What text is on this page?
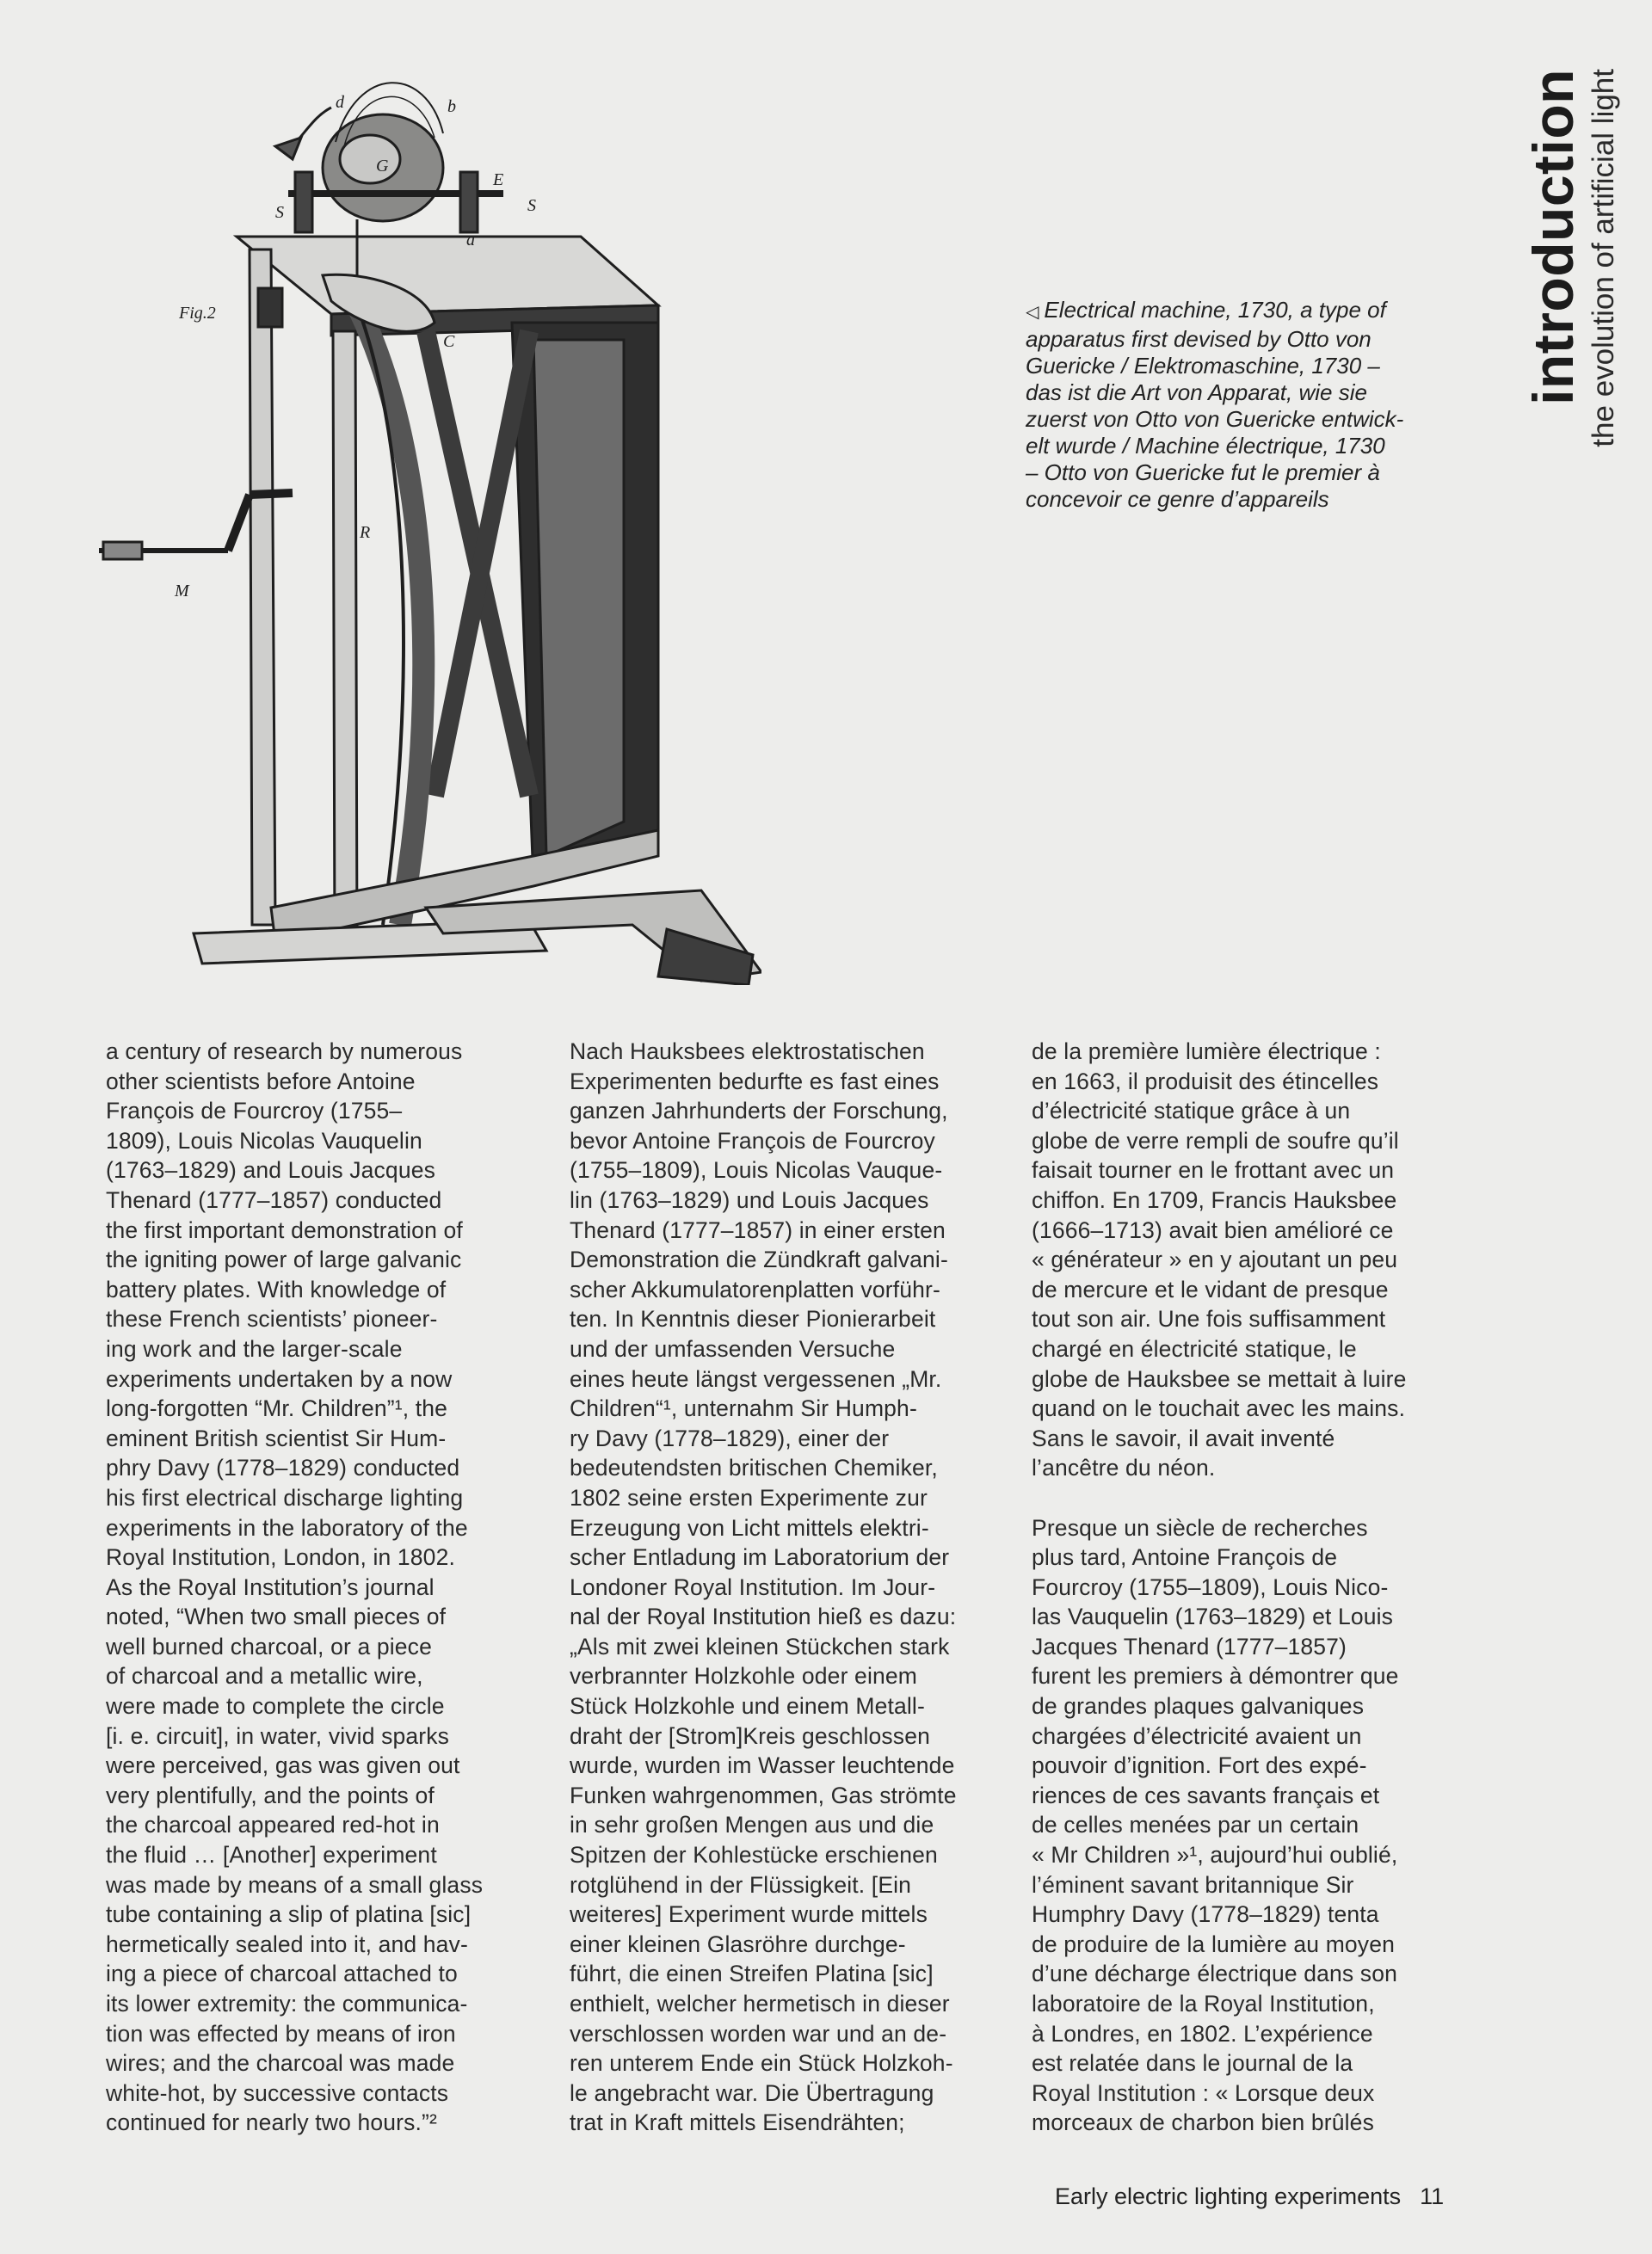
Fig.2
d	b
G
E
S	S
a
C
R
M
◁ Electrical machine, 1730, a type of
apparatus first devised by Otto von
Guericke / Elektromaschine, 1730 –
das ist die Art von Apparat, wie sie
zuerst von Otto von Guericke entwick-
elt wurde / Machine électrique, 1730
– Otto von Guericke fut le premier à
concevoir ce genre d’appareils
introduction the evolution of artificial light
a century of research by numerous
other scientists before Antoine
François de Fourcroy (1755–
1809), Louis Nicolas Vauquelin
(1763–1829) and Louis Jacques
Thenard (1777–1857) conducted
the first important demonstration of
the igniting power of large galvanic
battery plates. With knowledge of
these French scientists’ pioneer-
ing work and the larger-scale
experiments undertaken by a now
long-forgotten “Mr. Children”¹, the
eminent British scientist Sir Hum-
phry Davy (1778–1829) conducted
his first electrical discharge lighting
experiments in the laboratory of the
Royal Institution, London, in 1802.
As the Royal Institution’s journal
noted, “When two small pieces of
well burned charcoal, or a piece
of charcoal and a metallic wire,
were made to complete the circle
[i. e. circuit], in water, vivid sparks
were perceived, gas was given out
very plentifully, and the points of
the charcoal appeared red-hot in
the fluid … [Another] experiment
was made by means of a small glass
tube containing a slip of platina [sic]
hermetically sealed into it, and hav-
ing a piece of charcoal attached to
its lower extremity: the communica-
tion was effected by means of iron
wires; and the charcoal was made
white-hot, by successive contacts
continued for nearly two hours.”²
Nach Hauksbees elektrostatischen
Experimenten bedurfte es fast eines
ganzen Jahrhunderts der Forschung,
bevor Antoine François de Fourcroy
(1755–1809), Louis Nicolas Vauque-
lin (1763–1829) und Louis Jacques
Thenard (1777–1857) in einer ersten
Demonstration die Zündkraft galvani-
scher Akkumulatorenplatten vorführ-
ten. In Kenntnis dieser Pionierarbeit
und der umfassenden Versuche
eines heute längst vergessenen „Mr.
Children“¹, unternahm Sir Humph-
ry Davy (1778–1829), einer der
bedeutendsten britischen Chemiker,
1802 seine ersten Experimente zur
Erzeugung von Licht mittels elektri-
scher Entladung im Laboratorium der
Londoner Royal Institution. Im Jour-
nal der Royal Institution hieß es dazu:
„Als mit zwei kleinen Stückchen stark
verbrannter Holzkohle oder einem
Stück Holzkohle und einem Metall-
draht der [Strom]Kreis geschlossen
wurde, wurden im Wasser leuchtende
Funken wahrgenommen, Gas strömte
in sehr großen Mengen aus und die
Spitzen der Kohlestücke erschienen
rotglühend in der Flüssigkeit. [Ein
weiteres] Experiment wurde mittels
einer kleinen Glasröhre durchge-
führt, die einen Streifen Platina [sic]
enthielt, welcher hermetisch in dieser
verschlossen worden war und an de-
ren unterem Ende ein Stück Holzkoh-
le angebracht war. Die Übertragung
trat in Kraft mittels Eisendrähten;
de la première lumière électrique :
en 1663, il produisit des étincelles
d’électricité statique grâce à un
globe de verre rempli de soufre qu’il
faisait tourner en le frottant avec un
chiffon. En 1709, Francis Hauksbee
(1666–1713) avait bien amélioré ce
« générateur » en y ajoutant un peu
de mercure et le vidant de presque
tout son air. Une fois suffisamment
chargé en électricité statique, le
globe de Hauksbee se mettait à luire
quand on le touchait avec les mains.
Sans le savoir, il avait inventé
l’ancêtre du néon.
Presque un siècle de recherches
plus tard, Antoine François de
Fourcroy (1755–1809), Louis Nico-
las Vauquelin (1763–1829) et Louis
Jacques Thenard (1777–1857)
furent les premiers à démontrer que
de grandes plaques galvaniques
chargées d’électricité avaient un
pouvoir d’ignition. Fort des expé-
riences de ces savants français et
de celles menées par un certain
« Mr Children »¹, aujourd’hui oublié,
l’éminent savant britannique Sir
Humphry Davy (1778–1829) tenta
de produire de la lumière au moyen
d’une décharge électrique dans son
laboratoire de la Royal Institution,
à Londres, en 1802. L’expérience
est relatée dans le journal de la
Royal Institution : « Lorsque deux
morceaux de charbon bien brûlés
Early electric lighting experiments 11
